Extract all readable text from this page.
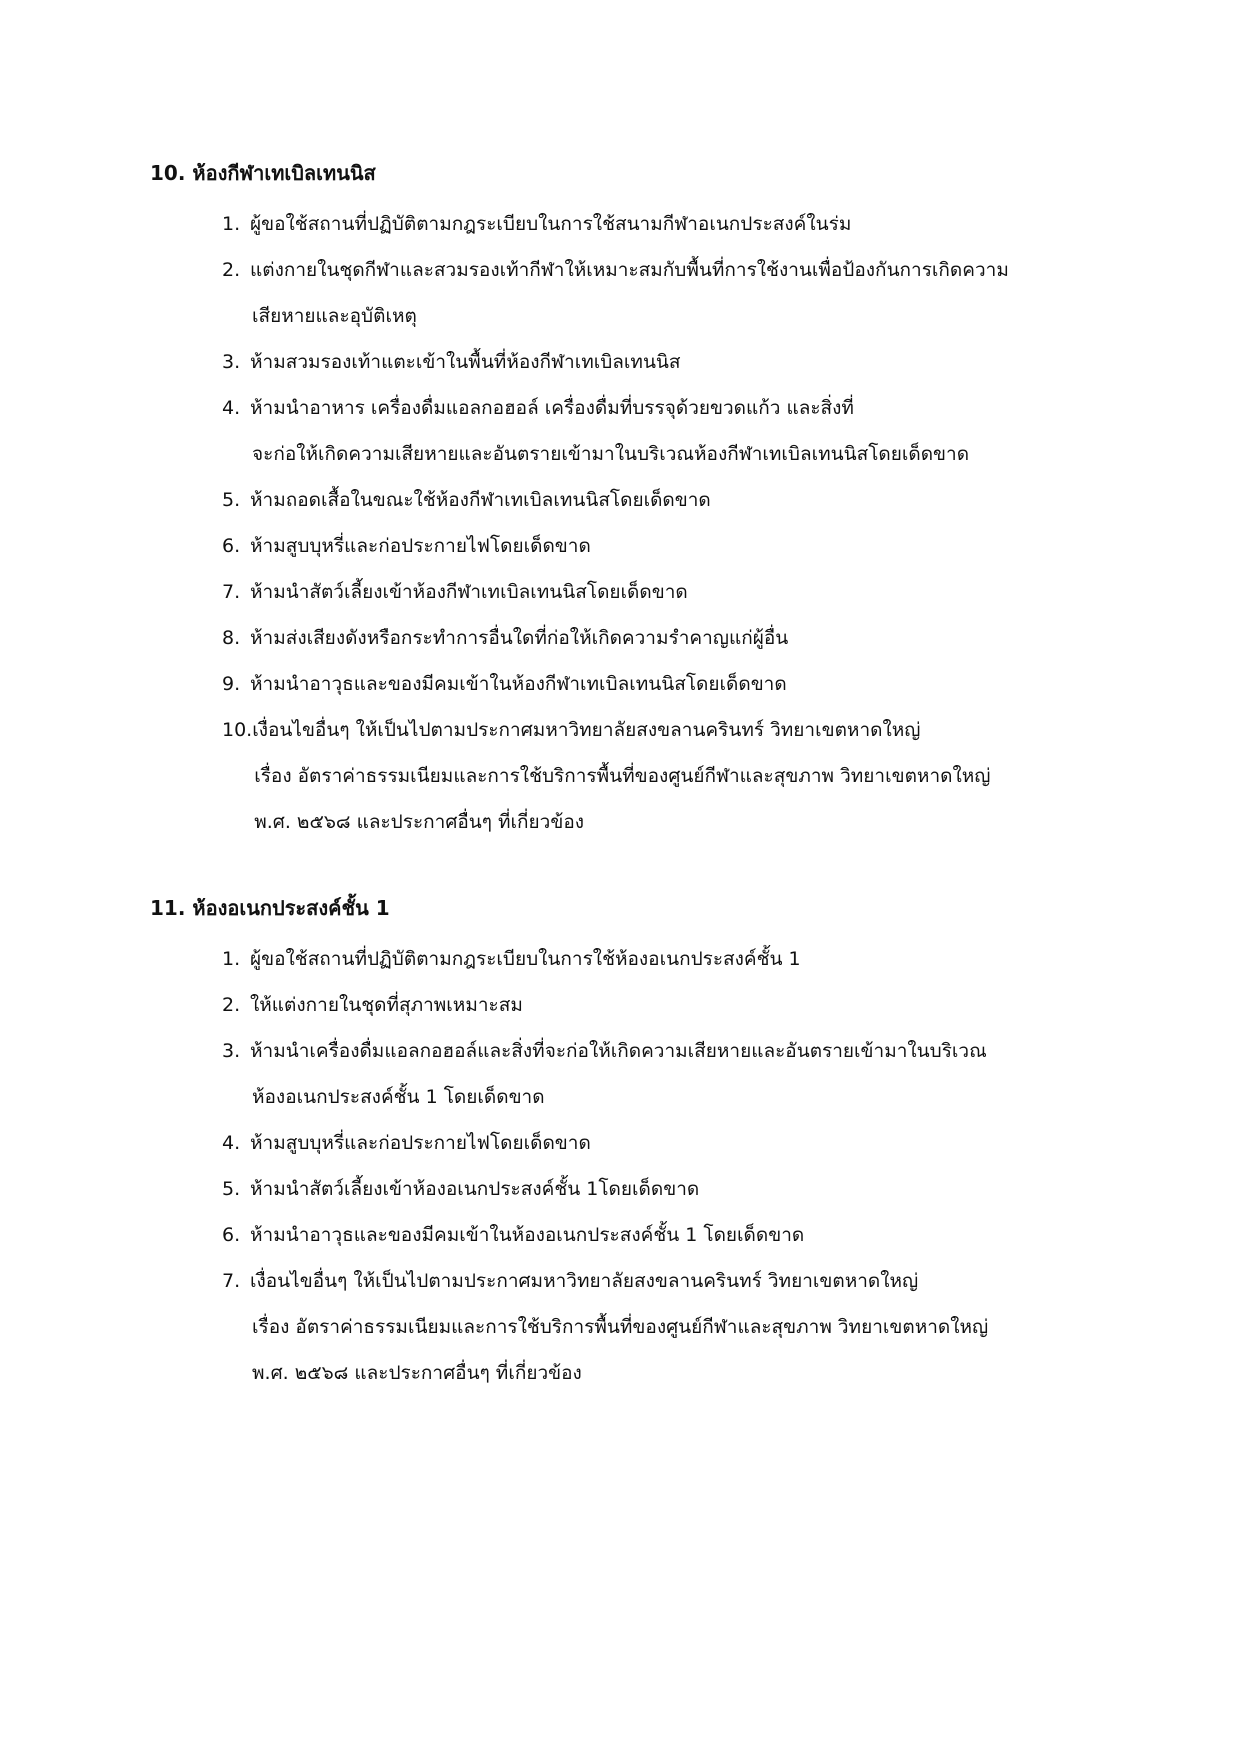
10. ห้องกีฬาเทเบิลเทนนิส
1. ผู้ขอใช้สถานที่ปฏิบัติตามกฎระเบียบในการใช้สนามกีฬาอเนกประสงค์ในร่ม
2. แต่งกายในชุดกีฬาและสวมรองเท้ากีฬาให้เหมาะสมกับพื้นที่การใช้งานเพื่อป้องกันการเกิดความ
เสียหายและอุบัติเหตุ
3. ห้ามสวมรองเท้าแตะเข้าในพื้นที่ห้องกีฬาเทเบิลเทนนิส
4. ห้ามนำอาหาร เครื่องดื่มแอลกอฮอล์ เครื่องดื่มที่บรรจุด้วยขวดแก้ว และสิ่งที่
จะก่อให้เกิดความเสียหายและอันตรายเข้ามาในบริเวณห้องกีฬาเทเบิลเทนนิสโดยเด็ดขาด
5. ห้ามถอดเสื้อในขณะใช้ห้องกีฬาเทเบิลเทนนิสโดยเด็ดขาด
6. ห้ามสูบบุหรี่และก่อประกายไฟโดยเด็ดขาด
7. ห้ามนำสัตว์เลี้ยงเข้าห้องกีฬาเทเบิลเทนนิสโดยเด็ดขาด
8. ห้ามส่งเสียงดังหรือกระทำการอื่นใดที่ก่อให้เกิดความรำคาญแก่ผู้อื่น
9. ห้ามนำอาวุธและของมีคมเข้าในห้องกีฬาเทเบิลเทนนิสโดยเด็ดขาด
10. เงื่อนไขอื่นๆ ให้เป็นไปตามประกาศมหาวิทยาลัยสงขลานครินทร์ วิทยาเขตหาดใหญ่
เรื่อง อัตราค่าธรรมเนียมและการใช้บริการพื้นที่ของศูนย์กีฬาและสุขภาพ วิทยาเขตหาดใหญ่
พ.ศ. ๒๕๖๘ และประกาศอื่นๆ ที่เกี่ยวข้อง
11. ห้องอเนกประสงค์ชั้น 1
1. ผู้ขอใช้สถานที่ปฏิบัติตามกฎระเบียบในการใช้ห้องอเนกประสงค์ชั้น 1
2. ให้แต่งกายในชุดที่สุภาพเหมาะสม
3. ห้ามนำเครื่องดื่มแอลกอฮอล์และสิ่งที่จะก่อให้เกิดความเสียหายและอันตรายเข้ามาในบริเวณ
ห้องอเนกประสงค์ชั้น 1 โดยเด็ดขาด
4. ห้ามสูบบุหรี่และก่อประกายไฟโดยเด็ดขาด
5. ห้ามนำสัตว์เลี้ยงเข้าห้องอเนกประสงค์ชั้น 1โดยเด็ดขาด
6. ห้ามนำอาวุธและของมีคมเข้าในห้องอเนกประสงค์ชั้น 1 โดยเด็ดขาด
7. เงื่อนไขอื่นๆ ให้เป็นไปตามประกาศมหาวิทยาลัยสงขลานครินทร์ วิทยาเขตหาดใหญ่
เรื่อง อัตราค่าธรรมเนียมและการใช้บริการพื้นที่ของศูนย์กีฬาและสุขภาพ วิทยาเขตหาดใหญ่
พ.ศ. ๒๕๖๘ และประกาศอื่นๆ ที่เกี่ยวข้อง
